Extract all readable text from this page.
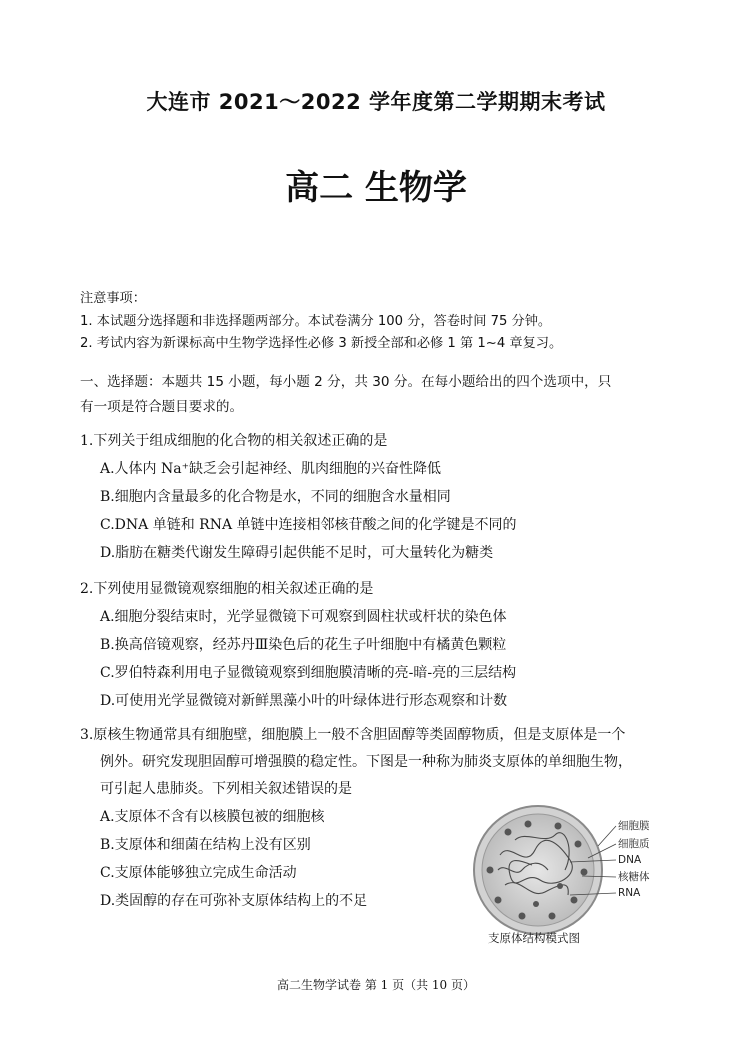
大连市 2021～2022 学年度第二学期期末考试
高二 生物学
注意事项：
1. 本试题分选择题和非选择题两部分。本试卷满分 100 分，答卷时间 75 分钟。
2. 考试内容为新课标高中生物学选择性必修 3 新授全部和必修 1 第 1~4 章复习。
一、选择题：本题共 15 小题，每小题 2 分，共 30 分。在每小题给出的四个选项中，只
有一项是符合题目要求的。
1.下列关于组成细胞的化合物的相关叙述正确的是
A.人体内 Na⁺缺乏会引起神经、肌肉细胞的兴奋性降低
B.细胞内含量最多的化合物是水，不同的细胞含水量相同
C.DNA 单链和 RNA 单链中连接相邻核苷酸之间的化学键是不同的
D.脂肪在糖类代谢发生障碍引起供能不足时，可大量转化为糖类
2.下列使用显微镜观察细胞的相关叙述正确的是
A.细胞分裂结束时，光学显微镜下可观察到圆柱状或杆状的染色体
B.换高倍镜观察，经苏丹Ⅲ染色后的花生子叶细胞中有橘黄色颗粒
C.罗伯特森利用电子显微镜观察到细胞膜清晰的亮-暗-亮的三层结构
D.可使用光学显微镜对新鲜黑藻小叶的叶绿体进行形态观察和计数
3.原核生物通常具有细胞壁，细胞膜上一般不含胆固醇等类固醇物质，但是支原体是一个
例外。研究发现胆固醇可增强膜的稳定性。下图是一种称为肺炎支原体的单细胞生物，
可引起人患肺炎。下列相关叙述错误的是
A.支原体不含有以核膜包被的细胞核
B.支原体和细菌在结构上没有区别
C.支原体能够独立完成生命活动
D.类固醇的存在可弥补支原体结构上的不足
细胞膜
细胞质
DNA
核糖体
RNA
支原体结构模式图
高二生物学试卷 第 1 页（共 10 页）
